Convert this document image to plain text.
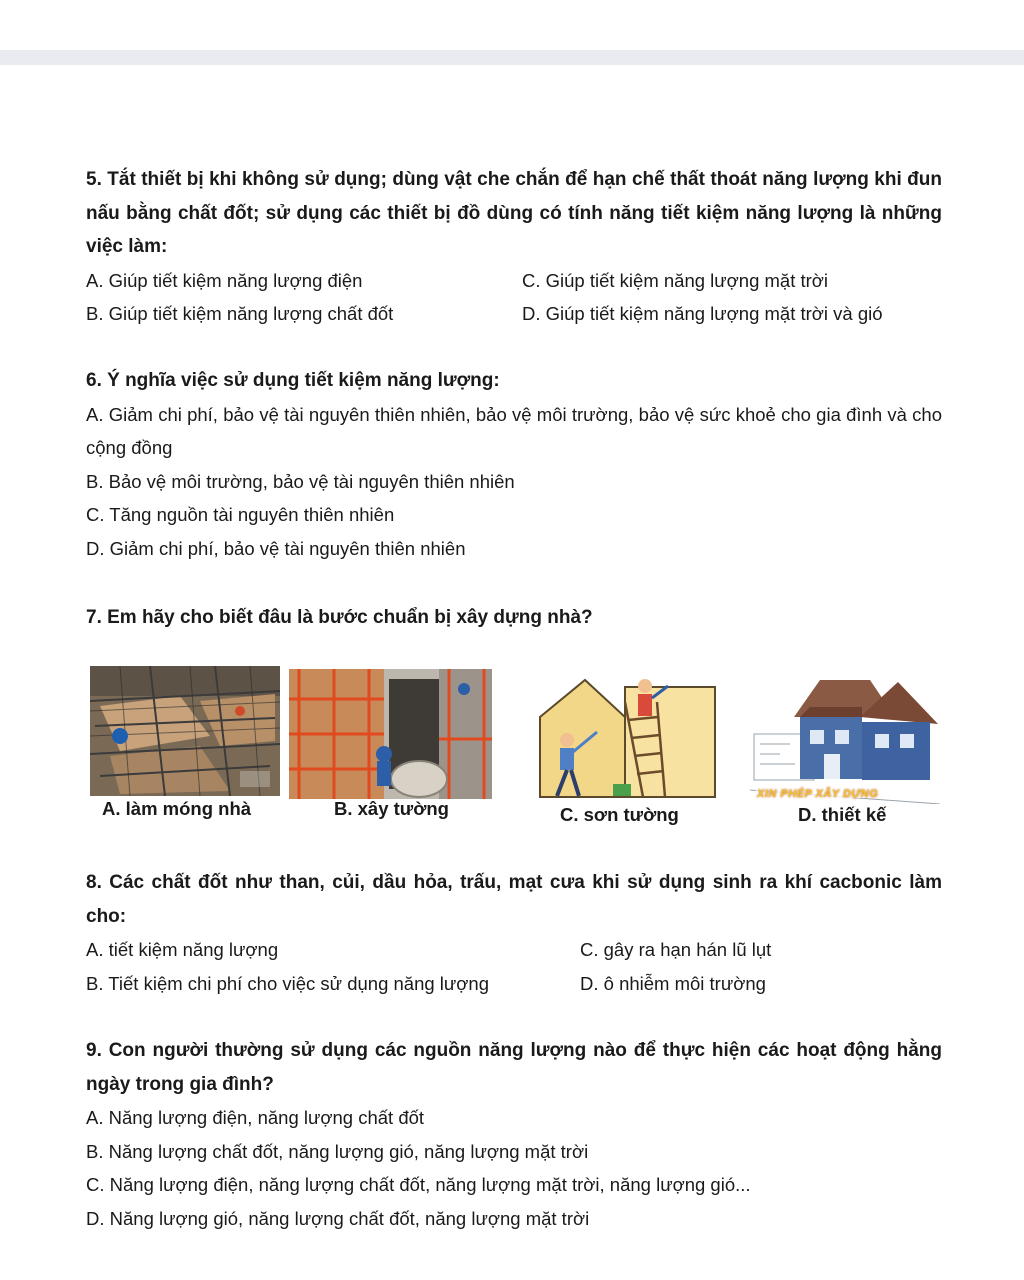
5. Tắt thiết bị khi không sử dụng; dùng vật che chắn để hạn chế thất thoát năng lượng khi đun nấu bằng chất đốt; sử dụng các thiết bị đồ dùng có tính năng tiết kiệm năng lượng là những việc làm:

A. Giúp tiết kiệm năng lượng điện	C. Giúp tiết kiệm năng lượng mặt trời

B. Giúp tiết kiệm năng lượng chất đốt	D. Giúp tiết kiệm năng lượng mặt trời và gió

6. Ý nghĩa việc sử dụng tiết kiệm năng lượng:

A. Giảm chi phí, bảo vệ tài nguyên thiên nhiên, bảo vệ môi trường, bảo vệ sức khoẻ cho gia đình và cho cộng đồng

B. Bảo vệ môi trường, bảo vệ tài nguyên thiên nhiên

C. Tăng nguồn tài nguyên thiên nhiên

D. Giảm chi phí, bảo vệ tài nguyên thiên nhiên

7. Em hãy cho biết đâu là bước chuẩn bị xây dựng nhà?

8. Các chất đốt như than, củi, dầu hỏa, trấu, mạt cưa khi sử dụng sinh ra khí cacbonic làm cho:

A. tiết kiệm năng lượng	C. gây ra hạn hán lũ lụt

B. Tiết kiệm chi phí cho việc sử dụng năng lượng	D. ô nhiễm môi trường

9. Con người thường sử dụng các nguồn năng lượng nào để thực hiện các hoạt động hằng ngày trong gia đình?

A. Năng lượng điện, năng lượng chất đốt

B. Năng lượng chất đốt, năng lượng gió, năng lượng mặt trời

C. Năng lượng điện, năng lượng chất đốt, năng lượng mặt trời, năng lượng gió...

D. Năng lượng gió, năng lượng chất đốt, năng lượng mặt trời

A. làm móng nhà	B. xây tường	C. sơn tường
XIN PHÉP XÂY DỰNG
D. thiết kế
